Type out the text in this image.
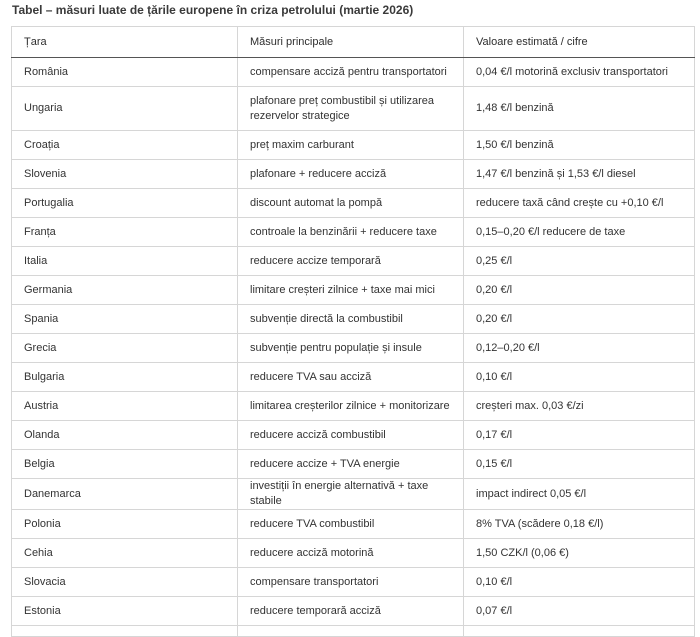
Tabel – măsuri luate de țările europene în criza petrolului (martie 2026)
Țara	Măsuri principale	Valoare estimată / cifre
România	compensare acciză pentru transportatori	0,04 €/l motorină exclusiv transportatori
Ungaria	plafonare preț combustibil și utilizarea rezervelor strategice	1,48 €/l benzină
Croația	preț maxim carburant	1,50 €/l benzină
Slovenia	plafonare + reducere acciză	1,47 €/l benzină și 1,53 €/l diesel
Portugalia	discount automat la pompă	reducere taxă când crește cu +0,10 €/l
Franța	controale la benzinării + reducere taxe	0,15–0,20 €/l reducere de taxe
Italia	reducere accize temporară	0,25 €/l
Germania	limitare creșteri zilnice + taxe mai mici	0,20 €/l
Spania	subvenție directă la combustibil	0,20 €/l
Grecia	subvenție pentru populație și insule	0,12–0,20 €/l
Bulgaria	reducere TVA sau acciză	0,10 €/l
Austria	limitarea creșterilor zilnice + monitorizare	creșteri max. 0,03 €/zi
Olanda	reducere acciză combustibil	0,17 €/l
Belgia	reducere accize + TVA energie	0,15 €/l
Danemarca	investiții în energie alternativă + taxe stabile	impact indirect 0,05 €/l
Polonia	reducere TVA combustibil	8% TVA (scădere 0,18 €/l)
Cehia	reducere acciză motorină	1,50 CZK/l (0,06 €)
Slovacia	compensare transportatori	0,10 €/l
Estonia	reducere temporară acciză	0,07 €/l
